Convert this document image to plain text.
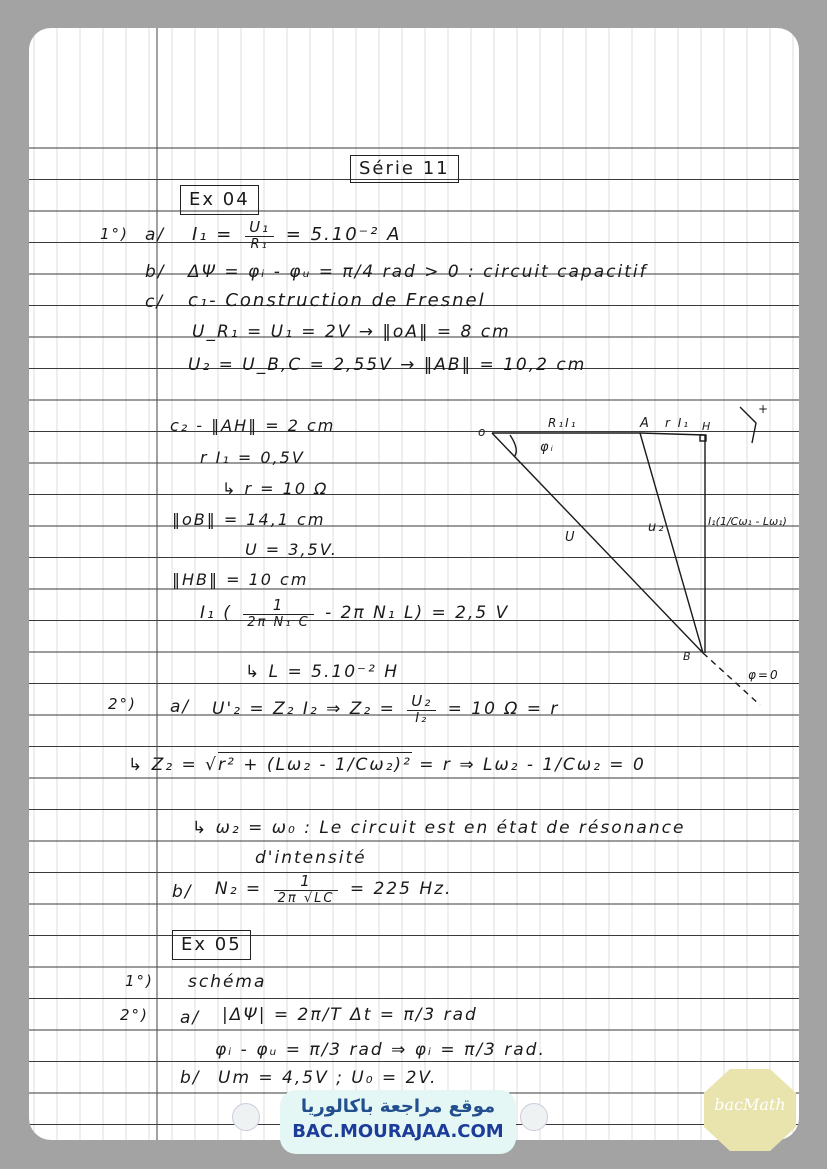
Série 11
Ex 04
1°) a/ $I_1 = \frac{\text{U₁}}{\text{R₁}} = 5.10^{-2}$ A
b/ ΔΨ = φᵢ - φᵤ = π/4 rad > 0 : circuit capacitif
c/ c₁- Construction de Fresnel
U_R₁ = U₁ = 2V → ‖oA‖ = 8 cm
U₂ = U_B,C = 2,55V → ‖AB‖ = 10,2 cm
c₂ - ‖AH‖ = 2 cm
r I₁ = 0,5V
↳ r = 10 Ω
‖oB‖ = 14,1 cm
U = 3,5V.
‖HB‖ = 10 cm
I₁ ( $\frac{1}{\text{2π N₁ C}} - 2\pi$ N₁ L) = 2,5 V
↳ L = 5.10⁻² H
2°) a/ U'₂ = Z₂ I₂ ⇒ $Z_2 = \frac{\text{U₂}}{\text{I₂}} = 10$ Ω = r
↳ Z₂ = √r² + (Lω₂ - 1/Cω₂)² = r ⇒ Lω₂ - 1/Cω₂ = 0
↳ ω₂ = ω₀ : Le circuit est en état de résonance
d'intensité
b/ $N_2 = \frac{1}{2\pi √LC} = 225$ Hz.
Ex 05
1°) schéma
2°) a/ |ΔΨ| = 2π/T Δt = π/3 rad
φᵢ - φᵤ = π/3 rad ⇒ φᵢ = π/3 rad.
b/ Um = 4,5V ; U₀ = 2V.
o
A	H
B
R₁I₁	r I₁
φᵢ
U
u₂	I₁(1/Cω₁ - Lω₁)
φ=0
+
موقع مراجعة باكالوريا
BAC.MOURAJAA.COM
bacMath
